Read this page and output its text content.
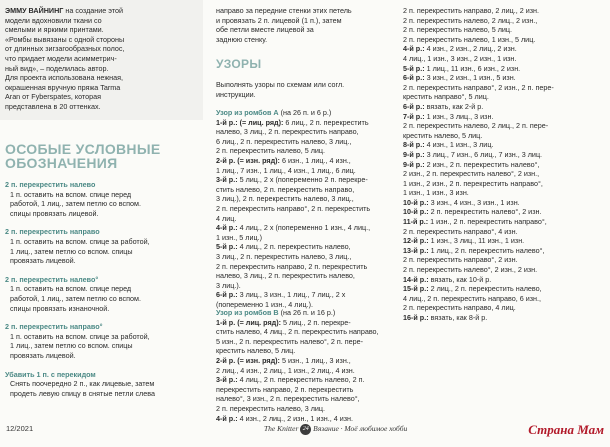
ЭММУ ВАЙНИНГ на создание этой
модели вдохновили ткани со
смелыми и яркими принтами.
«Ромбы вывязаны с одной стороны
от длинных зигзагообразных полос,
что придает модели асимметрич-
ный вид», – поделилась автор.
Для проекта использована нежная,
окрашенная вручную пряжа Tarma
Aran от Fyberspates, которая
представлена в 20 оттенках.
ОСОБЫЕ УСЛОВНЫЕ
ОБОЗНАЧЕНИЯ
2 п. перекрестить налево
1 п. оставить на вспом. спице перед
работой, 1 лиц., затем петлю со вспом.
спицы провязать лицевой.
2 п. перекрестить направо
1 п. оставить на вспом. спице за работой,
1 лиц., затем петлю со вспом. спицы
провязать лицевой.
2 п. перекрестить налево°
1 п. оставить на вспом. спице перед
работой, 1 лиц., затем петлю со вспом.
спицы провязать изнаночной.
2 п. перекрестить направо°
1 п. оставить на вспом. спице за работой,
1 лиц., затем петлю со вспом. спицы
провязать лицевой.
Убавить 1 п. с перекидом
Снять поочередно 2 п., как лицевые, затем
продеть левую спицу в снятые петли слева
направо за передние стенки этих петель
и провязать 2 п. лицевой (1 п.), затем
обе петли вместе лицевой за
заднюю стенку.
УЗОРЫ
Выполнять узоры по схемам или согл.
инструкции.
Узор из ромбов А (на 26 п. и 6 р.)
1-й р.: (= лиц. ряд): 6 лиц., 2 п. перекрестить
налево, 3 лиц., 2 п. перекрестить направо,
6 лиц., 2 п. перекрестить налево, 3 лиц.,
2 п. перекрестить налево, 5 лиц.
2-й р. (= изн. ряд): 6 изн., 1 лиц., 4 изн.,
1 лиц., 7 изн., 1 лиц., 4 изн., 1 лиц., 6 лиц.
3-й р.: 5 лиц., 2 х (попеременно 2 п. перекре-
стить налево, 2 п. перекрестить направо,
3 лиц.), 2 п. перекрестить налево, 3 лиц.,
2 п. перекрестить направо°, 2 п. перекрестить
4 лиц.
4-й р.: 4 лиц., 2 х (попеременно 1 изн., 4 лиц.,
1 изн., 5 лиц.)
5-й р.: 4 лиц., 2 п. перекрестить налево,
3 лиц., 2 п. перекрестить налево, 3 лиц.,
2 п. перекрестить направо, 2 п. перекрестить
налево, 3 лиц., 2 п. перекрестить налево,
3 лиц.).
6-й р.: 3 лиц., 3 изн., 1 лиц., 7 лиц., 2 х
(попеременно 1 изн., 4 лиц.).
Узор из ромбов В (на 26 п. и 16 р.)
1-й р. (= лиц. ряд): 5 лиц., 2 п. перекре-
стить налево, 4 лиц., 2 п. перекрестить направо,
5 изн., 2 п. перекрестить налево°, 2 п. пере-
крестить налево, 5 лиц.
2-й р. (= изн. ряд): 5 изн., 1 лиц., 3 изн.,
2 лиц., 4 изн., 2 лиц., 1 изн., 2 лиц., 4 изн.
3-й р.: 4 лиц., 2 п. перекрестить налево, 2 п.
перекрестить направо, 2 п. перекрестить
налево°, 3 изн., 2 п. перекрестить налево°,
2 п. перекрестить налево, 3 лиц.
4-й р.: 4 изн., 2 лиц., 2 изн., 1 изн., 4 изн.
2 п. перекрестить направо, 2 лиц., 2 изн.
2 п. перекрестить налево, 2 лиц., 2 изн.,
2 п. перекрестить налево, 5 лиц.
2 п. перекрестить налево, 1 изн., 5 лиц.
4-й р.: 4 изн., 2 изн., 2 лиц., 2 изн.
4 лиц., 1 изн., 3 изн., 2 изн., 1 изн.
5-й р.: 1 лиц., 11 изн., 6 изн., 2 изн.
6-й р.: 3 изн., 2 изн., 1 изн., 5 изн.
2 п. перекрестить направо°, 2 изн., 2 п. пере-
крестить направо°, 5 лиц.
6-й р.: вязать, как 2-й р.
7-й р.: 1 изн., 3 лиц., 3 изн.
2 п. перекрестить налево, 2 лиц., 2 п. пере-
крестить налево, 5 лиц.
8-й р.: 4 изн., 1 изн., 3 лиц.
9-й р.: 3 лиц., 7 изн., 6 лиц., 7 изн., 3 лиц.
9-й р.: 2 изн., 2 п. перекрестить налево°,
2 изн., 2 п. перекрестить налево°, 2 изн.,
1 изн., 2 изн., 2 п. перекрестить направо°,
1 изн., 1 изн., 3 изн.
10-й р.: 3 изн., 4 изн., 3 изн., 1 изн.
10-й р.: 2 п. перекрестить налево°, 2 изн.
11-й р.: 1 изн., 2 п. перекрестить направо°,
2 п. перекрестить направо°, 4 изн.
12-й р.: 1 изн., 3 лиц., 11 изн., 1 изн.
13-й р.: 1 лиц., 2 п. перекрестить налево°,
2 п. перекрестить направо°, 2 изн.
2 п. перекрестить налево°, 2 изн., 2 изн.
14-й р.: вязать, как 10-й р.
15-й р.: 2 лиц., 2 п. перекрестить налево,
4 лиц., 2 п. перекрестить направо, 6 изн.,
2 п. перекрестить направо, 4 лиц.
16-й р.: вязать, как 8-й р.
12/2021	The Knitter 24 Вязание · Моё любимое хобби	Страна Мам
